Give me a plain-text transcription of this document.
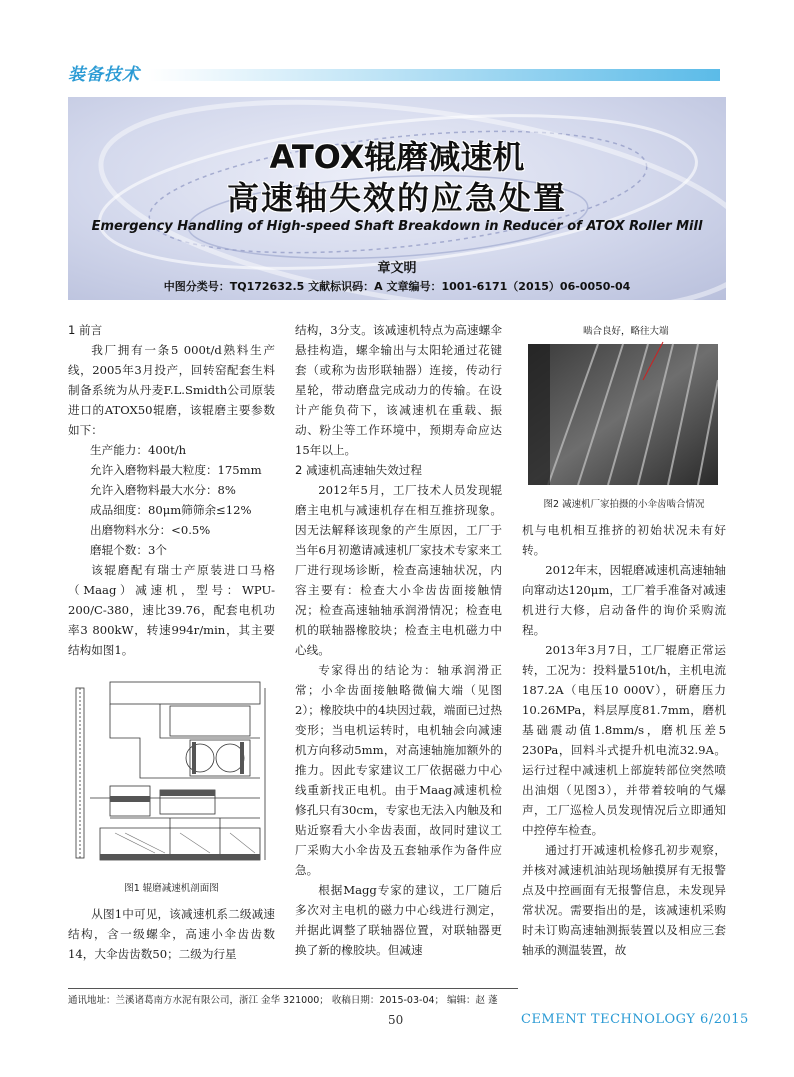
装备技术
ATOX辊磨减速机
高速轴失效的应急处置
Emergency Handling of High-speed Shaft Breakdown in Reducer of ATOX Roller Mill
章文明
中图分类号：TQ172632.5 文献标识码：A 文章编号：1001-6171（2015）06-0050-04

1 前言

我厂拥有一条5 000t/d熟料生产线，2005年3月投产，回转窑配套生料制备系统为从丹麦F.L.Smidth公司原装进口的ATOX50辊磨，该辊磨主要参数如下：

生产能力：400t/h

允许入磨物料最大粒度：175mm

允许入磨物料最大水分：8%

成品细度：80μm筛筛余≤12%

出磨物料水分：<0.5%

磨辊个数：3个

该辊磨配有瑞士产原装进口马格（Maag）减速机，型号：WPU-200/C-380，速比39.76，配套电机功率3 800kW，转速994r/min，其主要结构如图1。

图1 辊磨减速机剖面图

从图1中可见，该减速机系二级减速结构，含一级螺伞，高速小伞齿齿数14，大伞齿齿数50；二级为行星

结构，3分支。该减速机特点为高速螺伞悬挂构造，螺伞输出与太阳轮通过花键套（或称为齿形联轴器）连接，传动行星轮，带动磨盘完成动力的传输。在设计产能负荷下，该减速机在重载、振动、粉尘等工作环境中，预期寿命应达15年以上。

2 减速机高速轴失效过程

2012年5月，工厂技术人员发现辊磨主电机与减速机存在相互推挤现象。因无法解释该现象的产生原因，工厂于当年6月初邀请减速机厂家技术专家来工厂进行现场诊断，检查高速轴状况，内容主要有：检查大小伞齿齿面接触情况；检查高速轴轴承润滑情况；检查电机的联轴器橡胶块；检查主电机磁力中心线。

专家得出的结论为：轴承润滑正常；小伞齿面接触略微偏大端（见图2）；橡胶块中的4块因过载，端面已过热变形；当电机运转时，电机轴会向减速机方向移动5mm，对高速轴施加额外的推力。因此专家建议工厂依据磁力中心线重新找正电机。由于Maag减速机检修孔只有30cm，专家也无法入内触及和贴近察看大小伞齿表面，故同时建议工厂采购大小伞齿及五套轴承作为备件应急。

根据Magg专家的建议，工厂随后多次对主电机的磁力中心线进行测定，并据此调整了联轴器位置，对联轴器更换了新的橡胶块。但减速

啮合良好，略往大端
图2 减速机厂家拍摄的小伞齿啮合情况

机与电机相互推挤的初始状况未有好转。

2012年末，因辊磨减速机高速轴轴向窜动达120μm，工厂着手准备对减速机进行大修，启动备件的询价采购流程。

2013年3月7日，工厂辊磨正常运转，工况为：投料量510t/h，主机电流187.2A（电压10 000V），研磨压力10.26MPa，料层厚度81.7mm，磨机基础震动值1.8mm/s，磨机压差5 230Pa，回料斗式提升机电流32.9A。运行过程中减速机上部旋转部位突然喷出油烟（见图3），并带着较响的气爆声，工厂巡检人员发现情况后立即通知中控停车检查。

通过打开减速机检修孔初步观察，并核对减速机油站现场触摸屏有无报警点及中控画面有无报警信息，未发现异常状况。需要指出的是，该减速机采购时未订购高速轴测振装置以及相应三套轴承的测温装置，故

通讯地址：兰溪诸葛南方水泥有限公司，浙江 金华 321000； 收稿日期：2015-03-04； 编辑：赵 蓬
50	CEMENT TECHNOLOGY 6/2015
